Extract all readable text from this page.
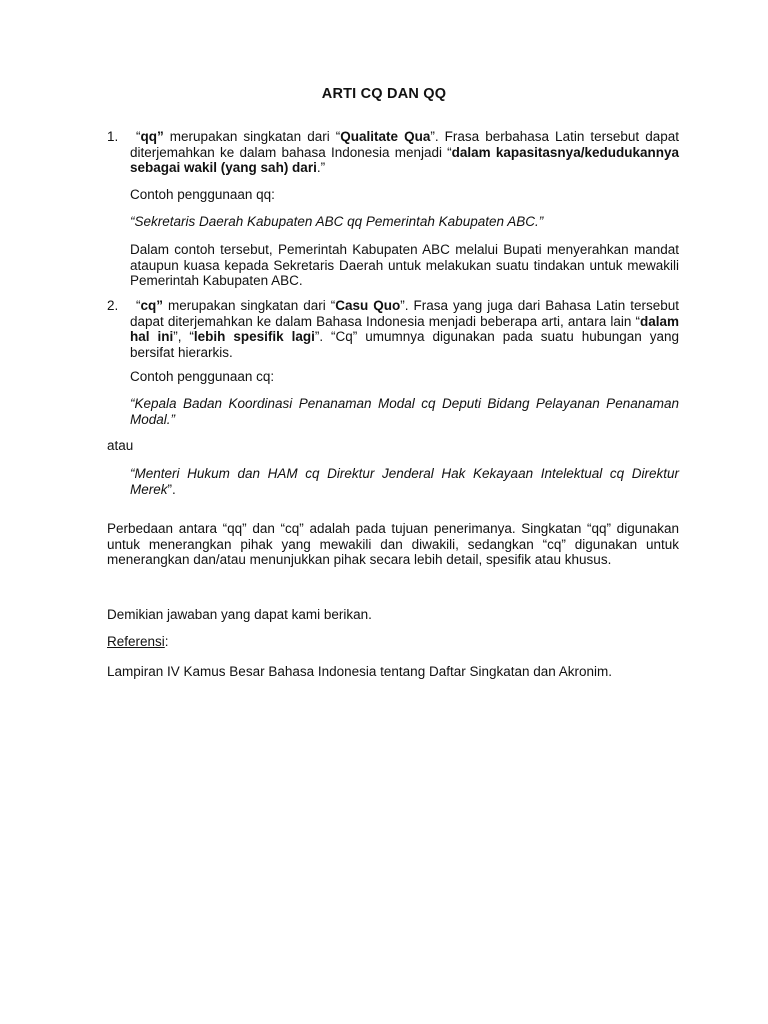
ARTI CQ DAN QQ
1.	“qq” merupakan singkatan dari “Qualitate Qua”. Frasa berbahasa Latin tersebut dapat diterjemahkan ke dalam bahasa Indonesia menjadi “dalam kapasitasnya/kedudukannya sebagai wakil (yang sah) dari.”
Contoh penggunaan qq:
“Sekretaris Daerah Kabupaten ABC qq Pemerintah Kabupaten ABC.”
Dalam contoh tersebut, Pemerintah Kabupaten ABC melalui Bupati menyerahkan mandat ataupun kuasa kepada Sekretaris Daerah untuk melakukan suatu tindakan untuk mewakili Pemerintah Kabupaten ABC.
2.	“cq” merupakan singkatan dari “Casu Quo”. Frasa yang juga dari Bahasa Latin tersebut dapat diterjemahkan ke dalam Bahasa Indonesia menjadi beberapa arti, antara lain “dalam hal ini”, “lebih spesifik lagi”. “Cq” umumnya digunakan pada suatu hubungan yang bersifat hierarkis.
Contoh penggunaan cq:
“Kepala Badan Koordinasi Penanaman Modal cq Deputi Bidang Pelayanan Penanaman Modal.”
atau
“Menteri Hukum dan HAM cq Direktur Jenderal Hak Kekayaan Intelektual cq Direktur Merek”.
Perbedaan antara “qq” dan “cq” adalah pada tujuan penerimanya. Singkatan “qq” digunakan untuk menerangkan pihak yang mewakili dan diwakili, sedangkan “cq” digunakan untuk menerangkan dan/atau menunjukkan pihak secara lebih detail, spesifik atau khusus.
Demikian jawaban yang dapat kami berikan.
Referensi:
Lampiran IV Kamus Besar Bahasa Indonesia tentang Daftar Singkatan dan Akronim.
